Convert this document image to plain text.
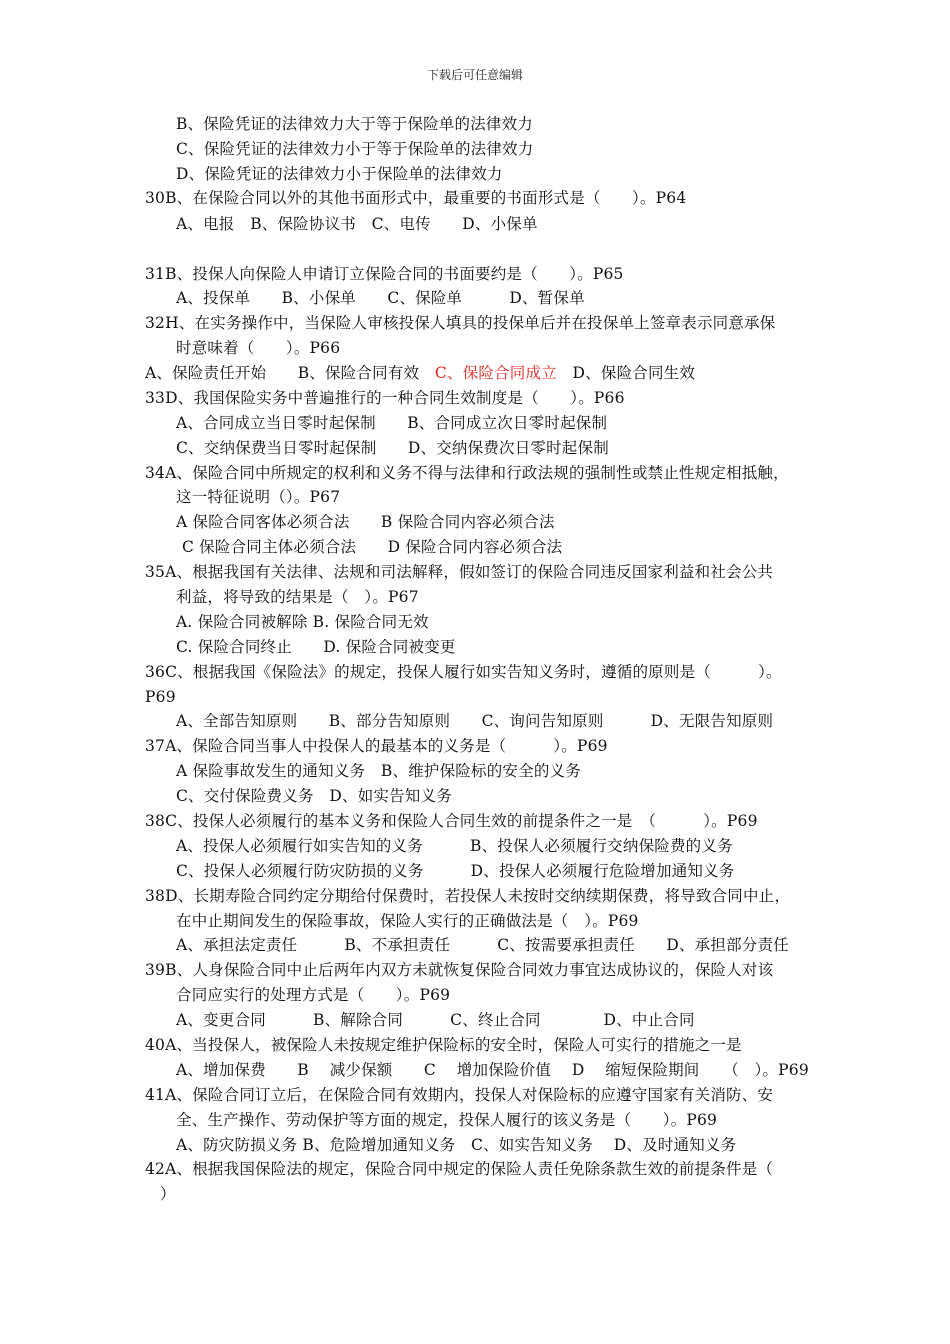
下载后可任意编辑
B、保险凭证的法律效力大于等于保险单的法律效力
C、保险凭证的法律效力小于等于保险单的法律效力
D、保险凭证的法律效力小于保险单的法律效力
30B、在保险合同以外的其他书面形式中，最重要的书面形式是（　　）。P64
A、电报　B、保险协议书　C、电传　　D、小保单
31B、投保人向保险人申请订立保险合同的书面要约是（　　）。P65
A、投保单　　B、小保单　　C、保险单　　　D、暂保单
32H、在实务操作中，当保险人审核投保人填具的投保单后并在投保单上签章表示同意承保
时意味着（　　）。P66
A、保险责任开始　　B、保险合同有效　C、保险合同成立　D、保险合同生效
33D、我国保险实务中普遍推行的一种合同生效制度是（　　）。P66
A、合同成立当日零时起保制　　B、合同成立次日零时起保制
C、交纳保费当日零时起保制　　D、交纳保费次日零时起保制
34A、保险合同中所规定的权利和义务不得与法律和行政法规的强制性或禁止性规定相抵触，
这一特征说明（）。P67
A 保险合同客体必须合法　　B 保险合同内容必须合法
C 保险合同主体必须合法　　D 保险合同内容必须合法
35A、根据我国有关法律、法规和司法解释，假如签订的保险合同违反国家利益和社会公共
利益，将导致的结果是（　）。P67
A. 保险合同被解除 B. 保险合同无效
C. 保险合同终止　　D. 保险合同被变更
36C、根据我国《保险法》的规定，投保人履行如实告知义务时，遵循的原则是（　　　）。
P69
A、全部告知原则　　B、部分告知原则　　C、询问告知原则　　　D、无限告知原则
37A、保险合同当事人中投保人的最基本的义务是（　　　）。P69
A 保险事故发生的通知义务　B、维护保险标的安全的义务
C、交付保险费义务　D、如实告知义务
38C、投保人必须履行的基本义务和保险人合同生效的前提条件之一是　（　　　）。P69
A、投保人必须履行如实告知的义务　　　B、投保人必须履行交纳保险费的义务
C、投保人必须履行防灾防损的义务　　　D、投保人必须履行危险增加通知义务
38D、长期寿险合同约定分期给付保费时，若投保人未按时交纳续期保费，将导致合同中止，
在中止期间发生的保险事故，保险人实行的正确做法是（　）。P69
A、承担法定责任　　　B、不承担责任　　　C、按需要承担责任　　D、承担部分责任
39B、人身保险合同中止后两年内双方未就恢复保险合同效力事宜达成协议的，保险人对该
合同应实行的处理方式是（　　）。P69
A、变更合同　　　B、解除合同　　　C、终止合同　　　　D、中止合同
40A、当投保人，被保险人未按规定维护保险标的安全时，保险人可实行的措施之一是
A、增加保费　　B　 减少保额　　C　 增加保险价值　 D　 缩短保险期间　　（　）。P69
41A、保险合同订立后，在保险合同有效期内，投保人对保险标的应遵守国家有关消防、安
全、生产操作、劳动保护等方面的规定，投保人履行的该义务是（　　）。P69
A、防灾防损义务 B、危险增加通知义务　C、如实告知义务　 D、及时通知义务
42A、根据我国保险法的规定，保险合同中规定的保险人责任免除条款生效的前提条件是（
）
